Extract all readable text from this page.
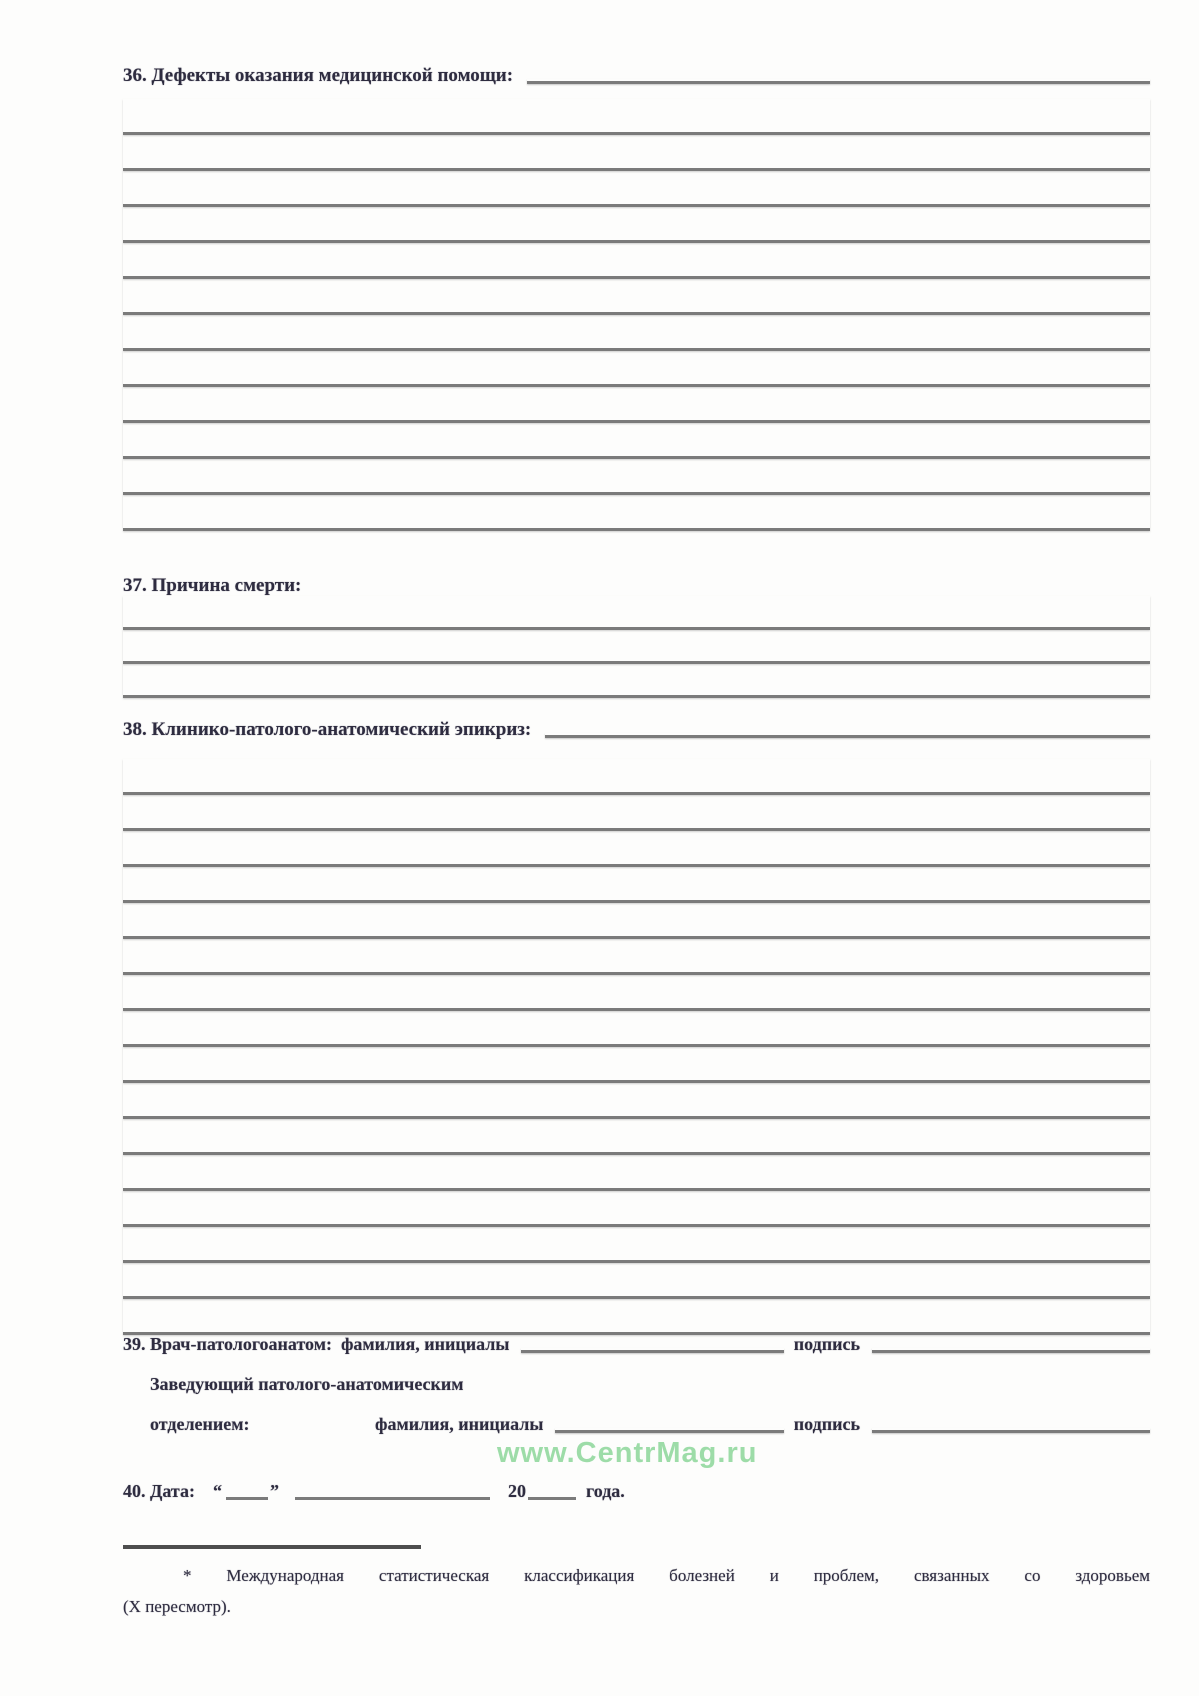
36. Дефекты оказания медицинской помощи:
37. Причина смерти:
38. Клинико-патолого-анатомический эпикриз:
39. Врач-патологоанатом: фамилия, инициалы	подпись
Заведующий патолого-анатомическим
отделением:	фамилия, инициалы	подпись
40. Дата: “	”	20	года.
www.CentrMag.ru
* Международная статистическая классификация болезней и проблем, связанных со здоровьем
(X пересмотр).
